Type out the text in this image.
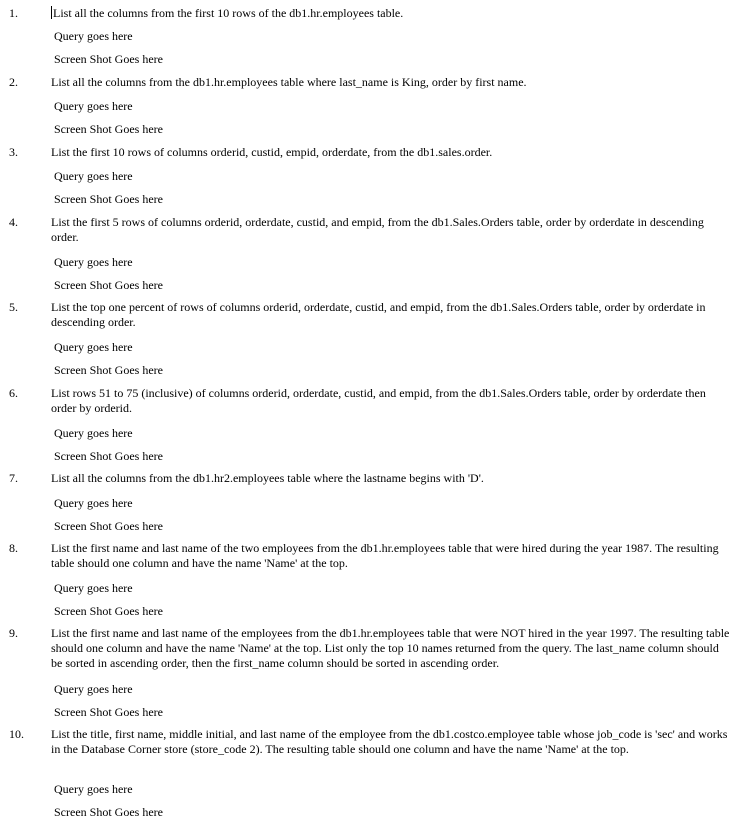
1.	List all the columns from the first 10 rows of the db1.hr.employees table.
Query goes here
Screen Shot Goes here
2.	List all the columns from the db1.hr.employees table where last_name is King, order by first name.
Query goes here
Screen Shot Goes here
3.	List the first 10 rows of columns orderid, custid, empid, orderdate, from the db1.sales.order.
Query goes here
Screen Shot Goes here
4.	List the first 5 rows of columns orderid, orderdate, custid, and empid, from the db1.Sales.Orders table, order by orderdate in descending order.
Query goes here
Screen Shot Goes here
5.	List the top one percent of rows of columns orderid, orderdate, custid, and empid, from the db1.Sales.Orders table, order by orderdate in descending order.
Query goes here
Screen Shot Goes here
6.	List rows 51 to 75 (inclusive) of columns orderid, orderdate, custid, and empid, from the db1.Sales.Orders table, order by orderdate then order by orderid.
Query goes here
Screen Shot Goes here
7.	List all the columns from the db1.hr2.employees table where the lastname begins with 'D'.
Query goes here
Screen Shot Goes here
8.	List the first name and last name of the two employees from the db1.hr.employees table that were hired during the year 1987. The resulting table should one column and have the name 'Name' at the top.
Query goes here
Screen Shot Goes here
9.	List the first name and last name of the employees from the db1.hr.employees table that were NOT hired in the year 1997. The resulting table should one column and have the name 'Name' at the top. List only the top 10 names returned from the query. The last_name column should be sorted in ascending order, then the first_name column should be sorted in ascending order.
Query goes here
Screen Shot Goes here
10. List the title, first name, middle initial, and last name of the employee from the db1.costco.employee table whose job_code is 'sec' and works in the Database Corner store (store_code 2). The resulting table should one column and have the name 'Name' at the top.
Query goes here
Screen Shot Goes here
